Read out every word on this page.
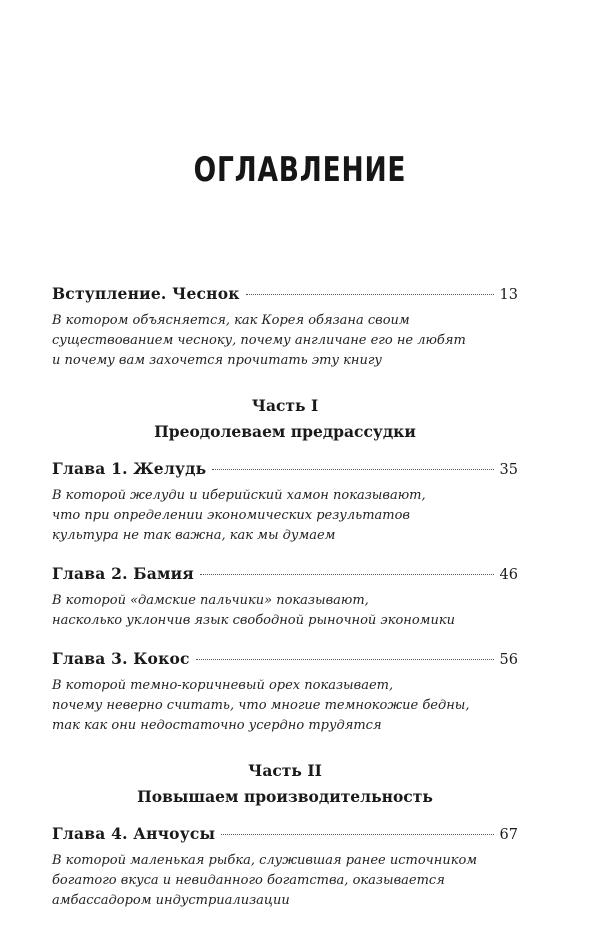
ОГЛАВЛЕНИЕ
Вступление. Чеснок	13
В котором объясняется, как Корея обязана своим
существованием чесноку, почему англичане его не любят
и почему вам захочется прочитать эту книгу
Часть I
Преодолеваем предрассудки
Глава 1. Желудь	35
В которой желуди и иберийский хамон показывают,
что при определении экономических результатов
культура не так важна, как мы думаем
Глава 2. Бамия	46
В которой «дамские пальчики» показывают,
насколько уклончив язык свободной рыночной экономики
Глава 3. Кокос	56
В которой темно-коричневый орех показывает,
почему неверно считать, что многие темнокожие бедны,
так как они недостаточно усердно трудятся
Часть II
Повышаем производительность
Глава 4. Анчоусы	67
В которой маленькая рыбка, служившая ранее источником
богатого вкуса и невиданного богатства, оказывается
амбассадором индустриализации
